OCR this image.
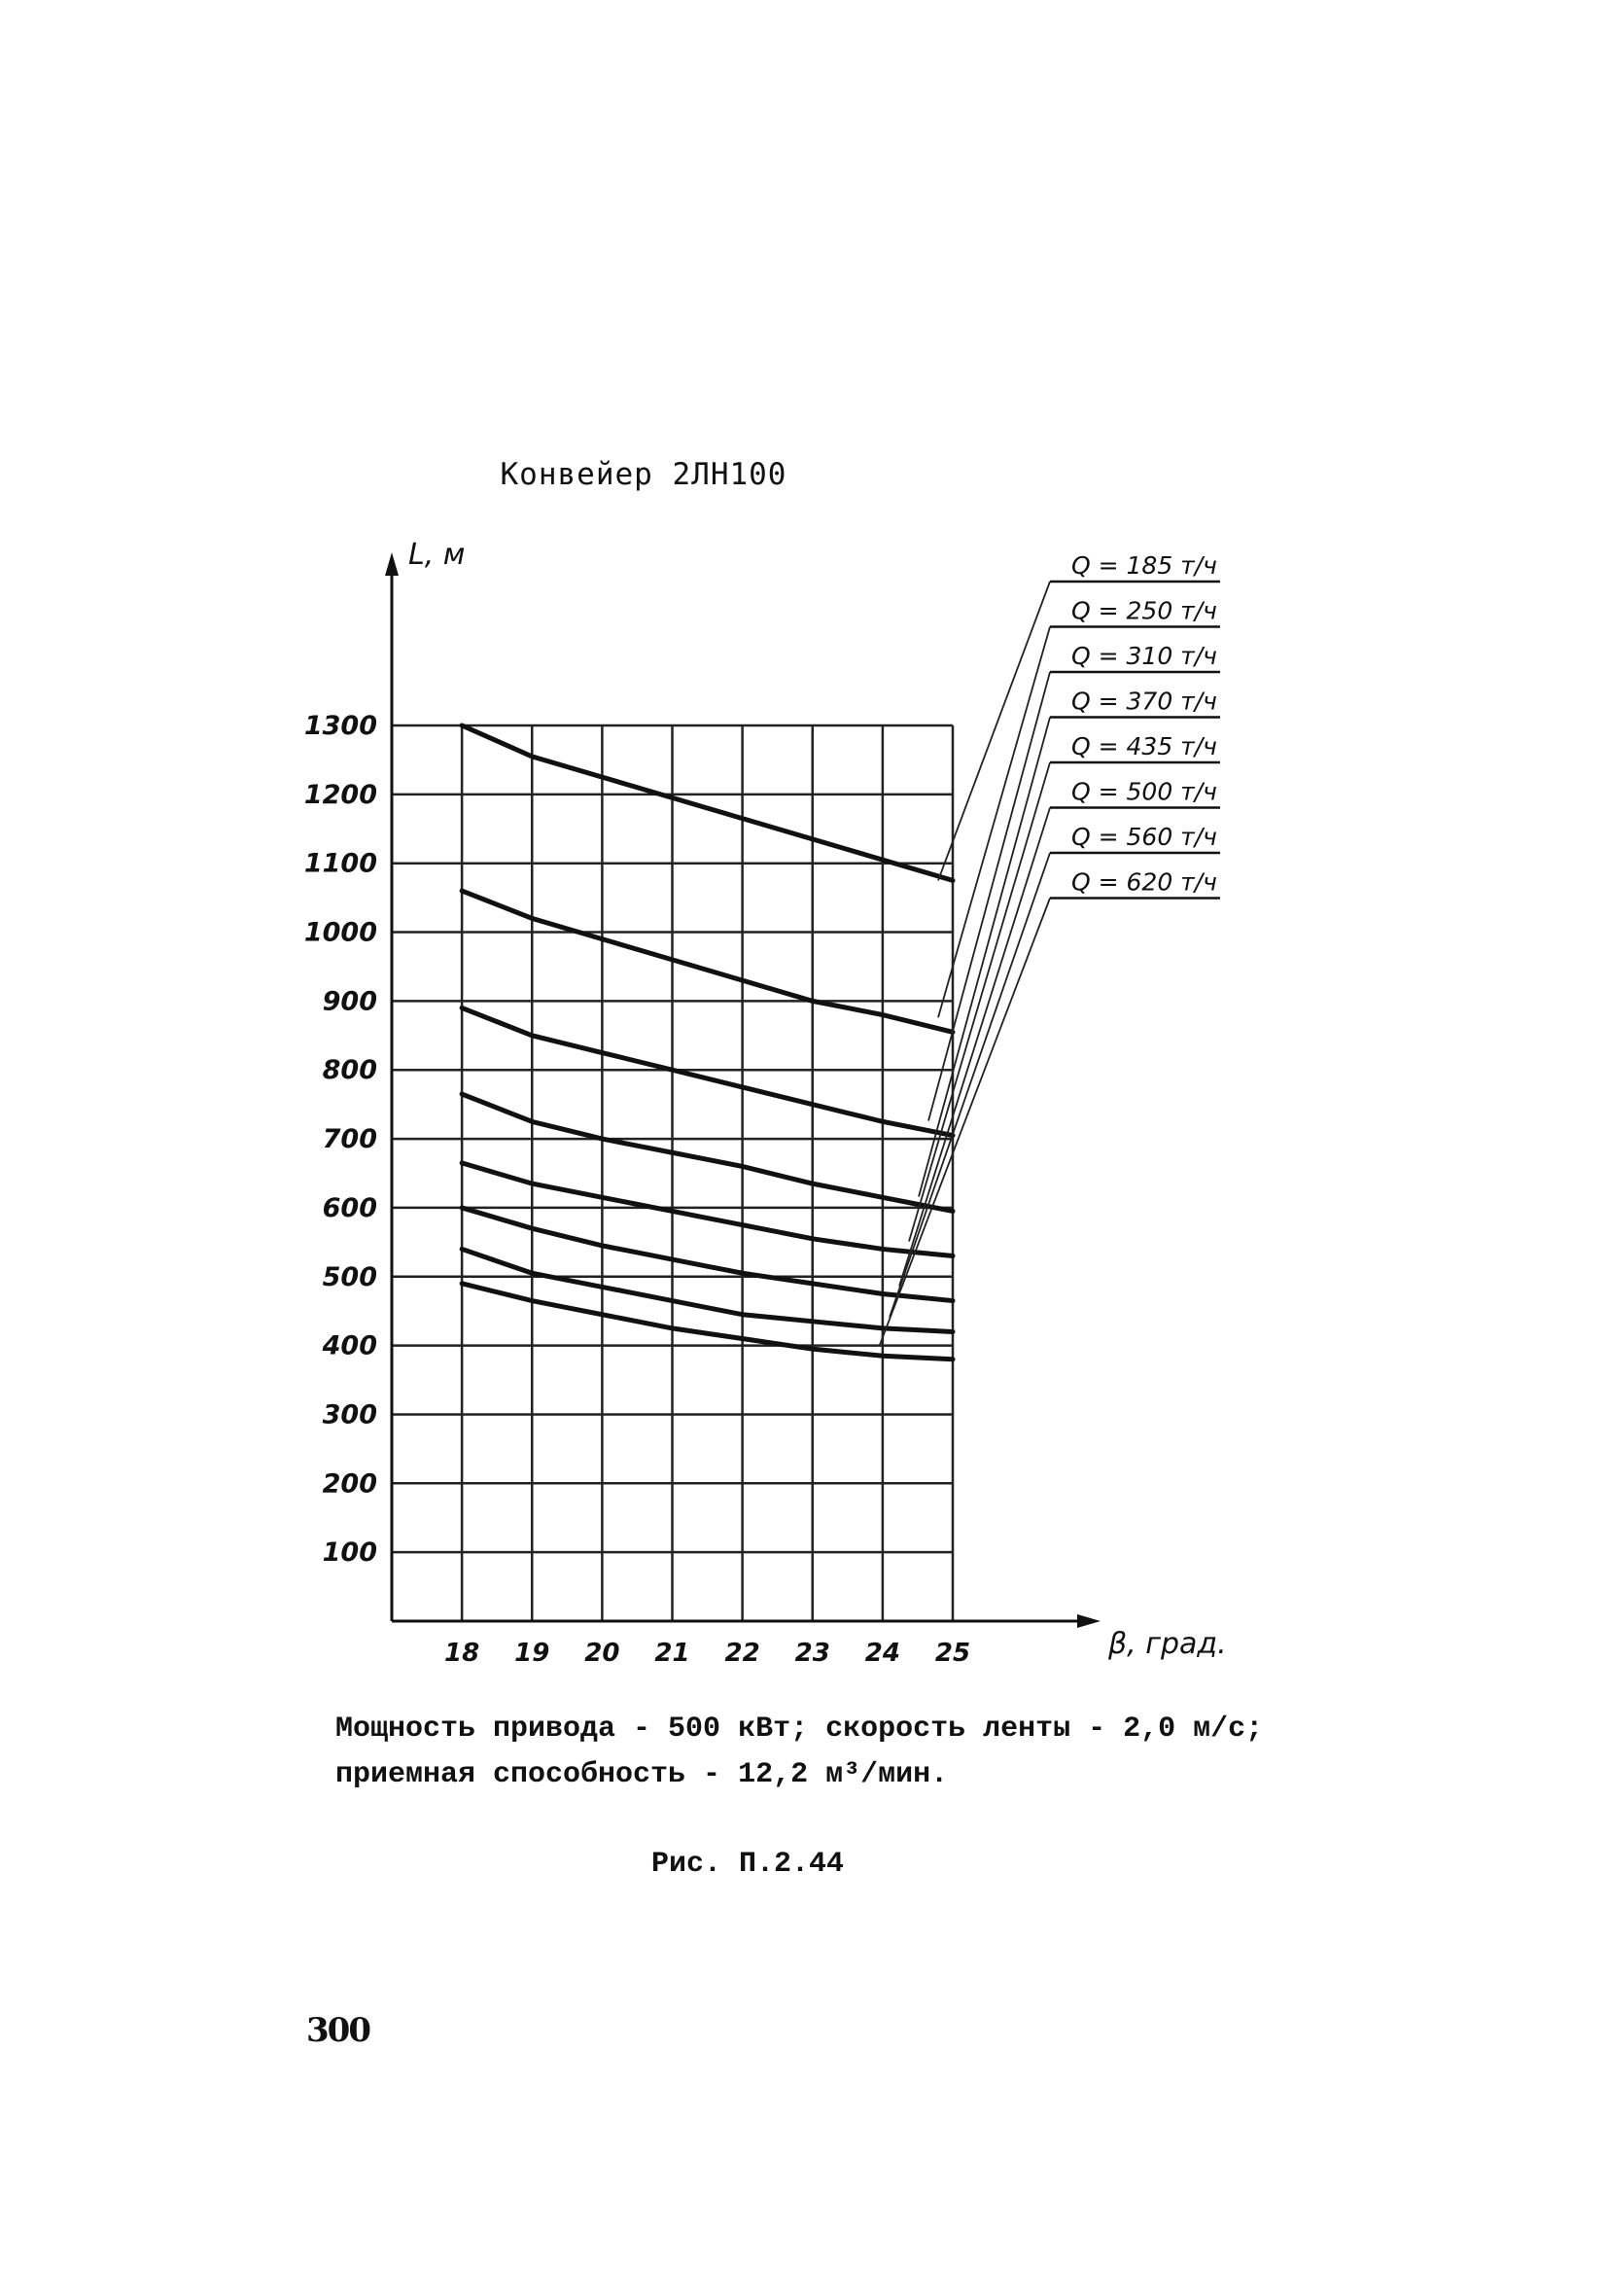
Конвейер 2ЛН100
L, м
β, град.
Q = 185 т/ч
Q = 250 т/ч
Q = 310 т/ч
Q = 370 т/ч
Q = 435 т/ч
Q = 500 т/ч
Q = 560 т/ч
Q = 620 т/ч
100
200
300
400
500
600
700
800
900
1000
1100
1200
1300
18 19 20 21 22 23 24 25
Мощность привода - 500 кВт; скорость ленты - 2,0 м/с;
приемная способность - 12,2 м³/мин.
Рис. П.2.44
300
